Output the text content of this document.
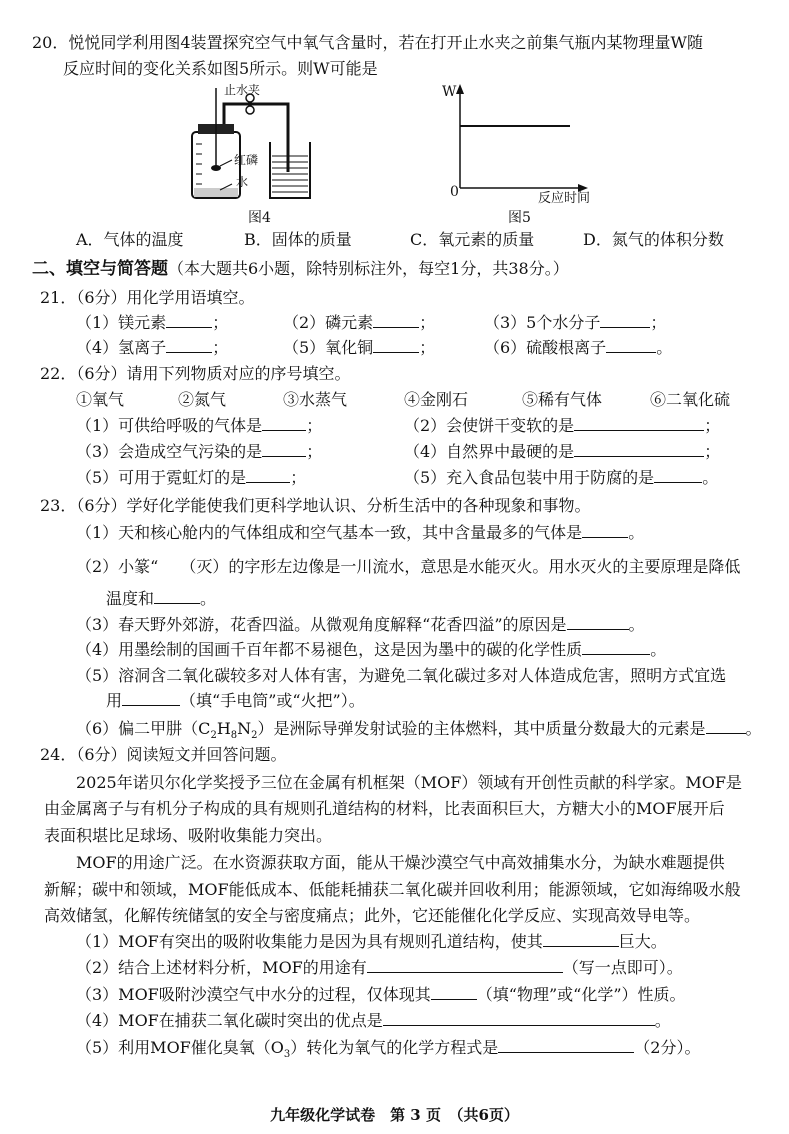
20．悦悦同学利用图4装置探究空气中氧气含量时，若在打开止水夹之前集气瓶内某物理量W随
反应时间的变化关系如图5所示。则W可能是
止水夹
红磷
水
图4
W
0	反应时间
图5
A．气体的温度	B．固体的质量	C．氧元素的质量	D．氮气的体积分数
二、填空与简答题（本大题共6小题，除特别标注外，每空1分，共38分。）
21．（6分）用化学用语填空。
（1）镁元素	；	（2）磷元素	；	（3）5个水分子	；
（4）氢离子	；	（5）氧化铜	；	（6）硫酸根离子	。
22．（6分）请用下列物质对应的序号填空。
①氧气	②氮气	③水蒸气	④金刚石	⑤稀有气体	⑥二氧化硫
（1）可供给呼吸的气体是	；	（2）会使饼干变软的是	；
（3）会造成空气污染的是	；	（4）自然界中最硬的是	；
（5）可用于霓虹灯的是	；	（5）充入食品包装中用于防腐的是	。
23．（6分）学好化学能使我们更科学地认识、分析生活中的各种现象和事物。
（1）天和核心舱内的气体组成和空气基本一致，其中含量最多的气体是	。
（2）小篆“ （灭）的字形左边像是一川流水，意思是水能灭火。用水灭火的主要原理是降低
温度和	。
（3）春天野外郊游，花香四溢。从微观角度解释“花香四溢”的原因是	。
（4）用墨绘制的国画千百年都不易褪色，这是因为墨中的碳的化学性质	。
（5）溶洞含二氧化碳较多对人体有害，为避免二氧化碳过多对人体造成危害，照明方式宜选
用	（填“手电筒”或“火把”）。
（6）偏二甲肼$(C_2H_8N_2)$是洲际导弹发射试验的主体燃料，其中质量分数最大的元素是	。
24．（6分）阅读短文并回答问题。
2025年诺贝尔化学奖授予三位在金属有机框架（MOF）领域有开创性贡献的科学家。MOF是
由金属离子与有机分子构成的具有规则孔道结构的材料，比表面积巨大，方糖大小的MOF展开后
表面积堪比足球场、吸附收集能力突出。
MOF的用途广泛。在水资源获取方面，能从干燥沙漠空气中高效捕集水分，为缺水难题提供
新解；碳中和领域，MOF能低成本、低能耗捕获二氧化碳并回收利用；能源领域，它如海绵吸水般
高效储氢，化解传统储氢的安全与密度痛点；此外，它还能催化化学反应、实现高效导电等。
（1）MOF有突出的吸附收集能力是因为具有规则孔道结构，使其	巨大。
（2）结合上述材料分析，MOF的用途有	（写一点即可）。
（3）MOF吸附沙漠空气中水分的过程，仅体现其	（填“物理”或“化学”）性质。
（4）MOF在捕获二氧化碳时突出的优点是	。
（5）利用MOF催化臭氧$(O_3)$转化为氧气的化学方程式是	（2分）。
九年级化学试卷　第 3 页　（共6页）
